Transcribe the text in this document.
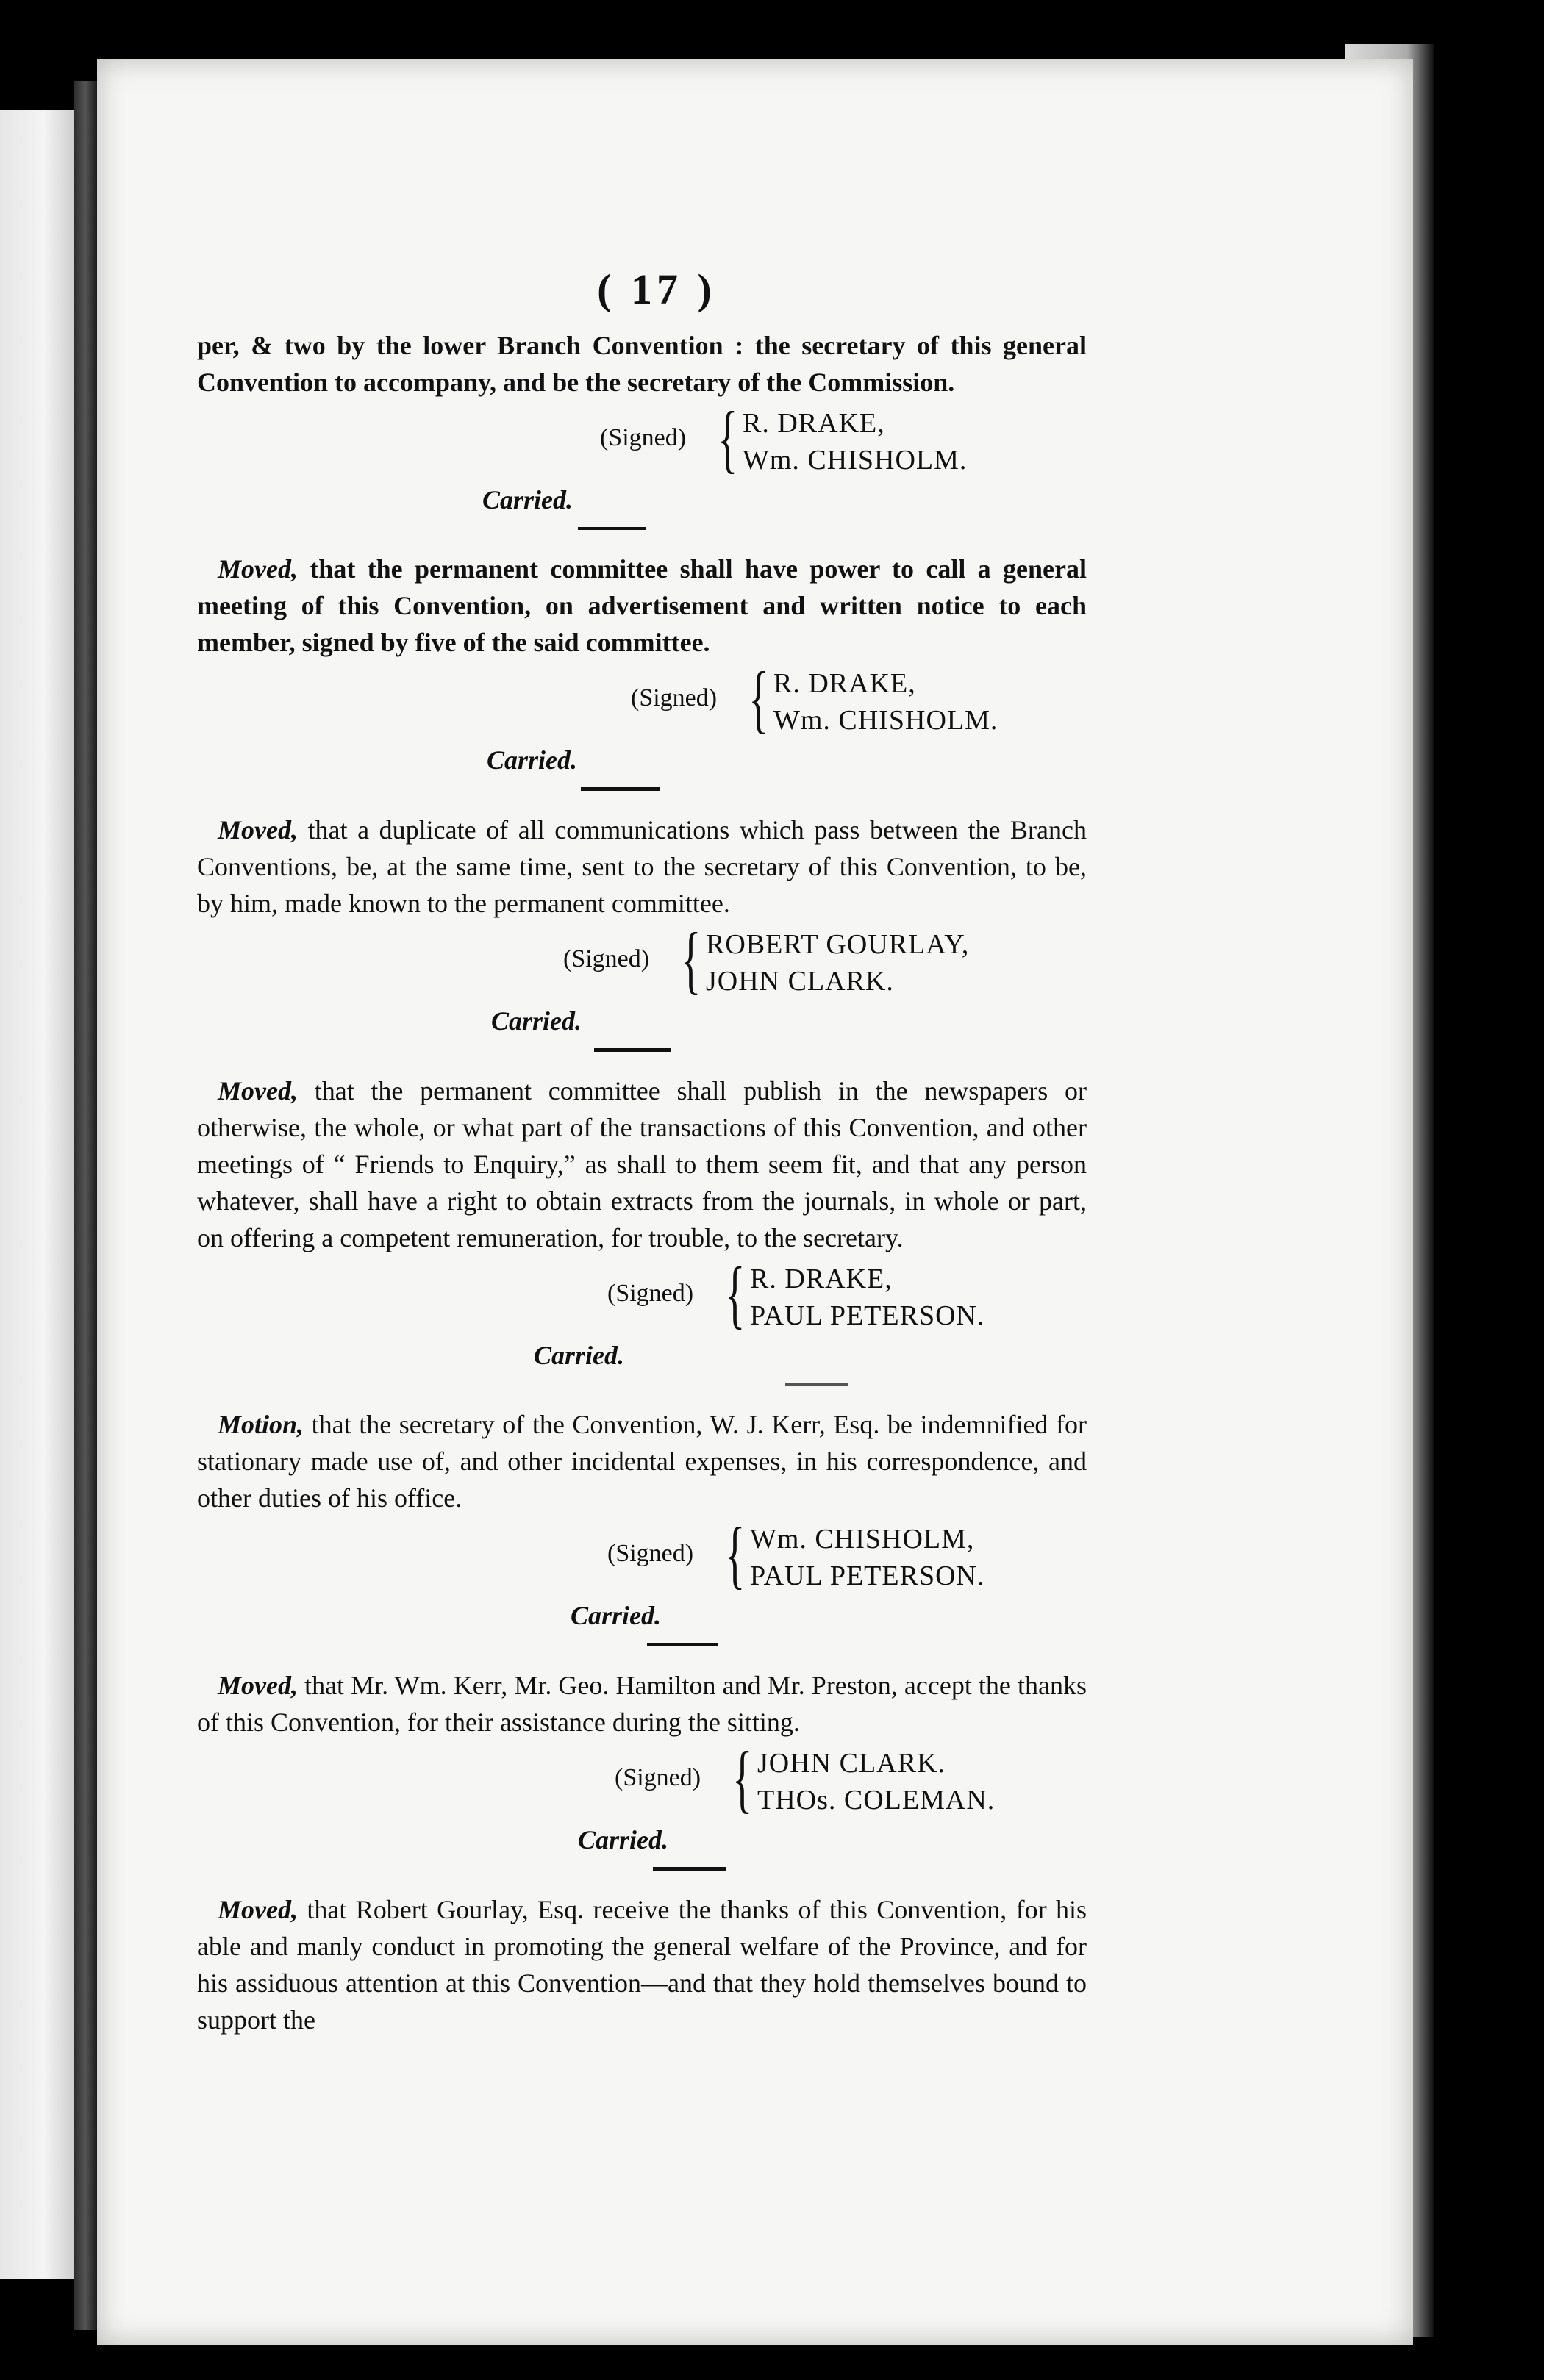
( 17 )

per, & two by the lower Branch Convention : the secretary of this general Convention to accompany, and be the secretary of the Commission.

(Signed) { R. DRAKE,
Wm. CHISHOLM.
Carried.

Moved, that the permanent committee shall have power to call a general meeting of this Convention, on advertisement and written notice to each member, signed by five of the said committee.

(Signed) { R. DRAKE,
Wm. CHISHOLM.
Carried.

Moved, that a duplicate of all communications which pass between the Branch Conventions, be, at the same time, sent to the secretary of this Convention, to be, by him, made known to the permanent committee.

(Signed) { ROBERT GOURLAY,
JOHN CLARK.
Carried.

Moved, that the permanent committee shall publish in the newspapers or otherwise, the whole, or what part of the transactions of this Convention, and other meetings of “ Friends to Enquiry,” as shall to them seem fit, and that any person whatever, shall have a right to obtain extracts from the journals, in whole or part, on offering a competent remuneration, for trouble, to the secretary.

(Signed) { R. DRAKE,
PAUL PETERSON.
Carried.

Motion, that the secretary of the Convention, W. J. Kerr, Esq. be indemnified for stationary made use of, and other incidental expenses, in his correspondence, and other duties of his office.

(Signed) { Wm. CHISHOLM,
PAUL PETERSON.
Carried.

Moved, that Mr. Wm. Kerr, Mr. Geo. Hamilton and Mr. Preston, accept the thanks of this Convention, for their assistance during the sitting.

(Signed) { JOHN CLARK.
THOs. COLEMAN.
Carried.

Moved, that Robert Gourlay, Esq. receive the thanks of this Convention, for his able and manly conduct in promoting the general welfare of the Province, and for his assiduous attention at this Convention—and that they hold themselves bound to support the
